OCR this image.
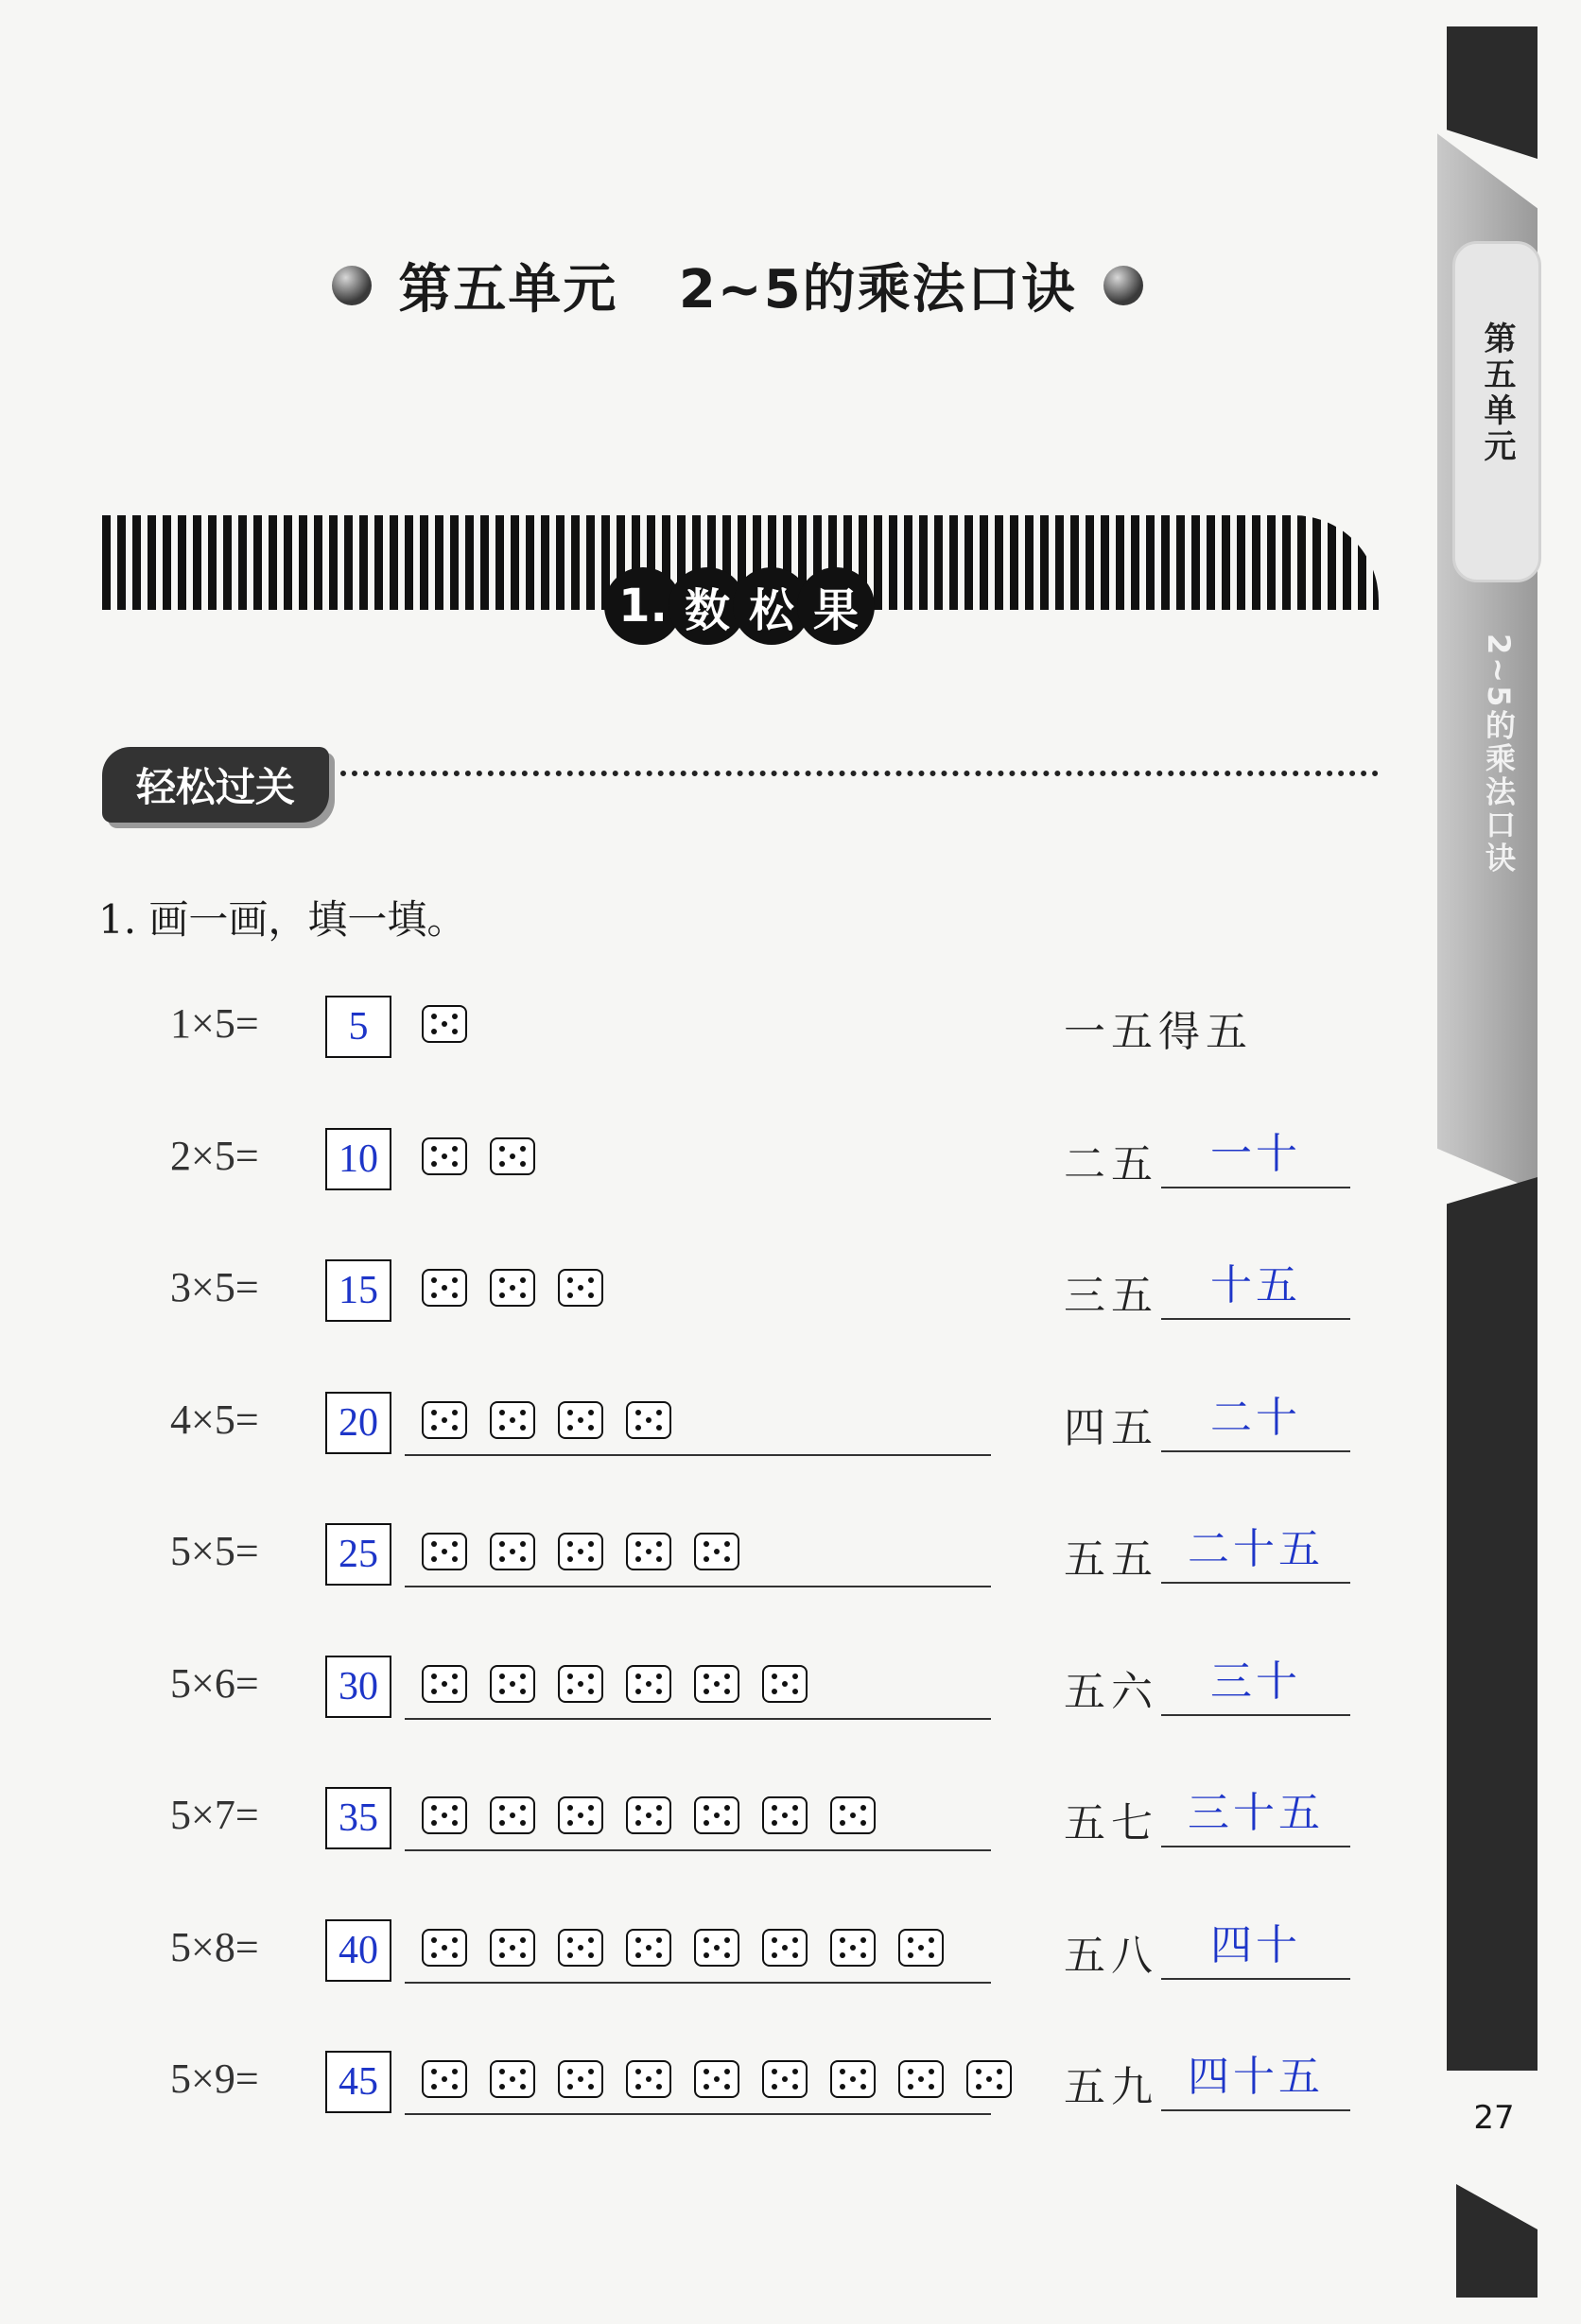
第五单元
2~5的乘法口诀
27
第五单元   2~5的乘法口诀
1. 数 松 果
轻松过关
1. 画一画，填一填。
1×5=	5	一五得五
2×5=	10	二五	一十
3×5=	15	三五	十五
4×5=	20	四五	二十
5×5=	25	五五 二十五
5×6=	30	五六	三十
5×7=	35	五七 三十五
5×8=	40	五八	四十
5×9=	45	五九 四十五
